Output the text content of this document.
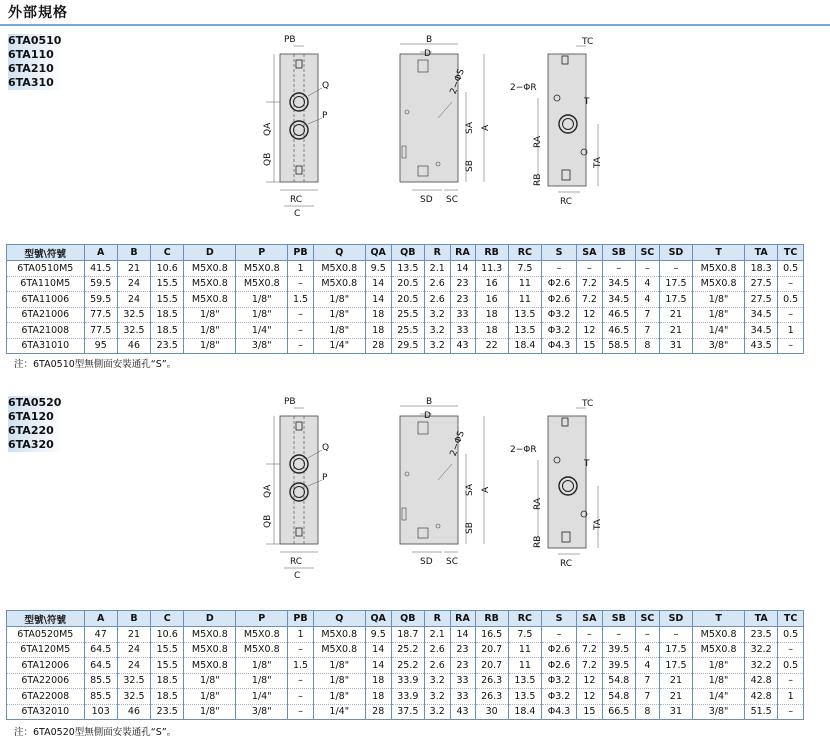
外部規格
6TA0510
6TA110
6TA210
6TA310
PB
Q
P
QA
QB
RC
C
B
D
2−ΦS
SA A
SB
SD SC
TC
2−ΦR
T
RA
TA
RB
RC
型號\符號	A	B	C	D	P	PB	Q	QA	QB	R	RA	RB	RC	S	SA	SB	SC	SD	T	TA	TC
6TA0510M5	41.5	21	10.6	M5X0.8	M5X0.8	1	M5X0.8	9.5	13.5	2.1	14	11.3	7.5	–	–	–	–	–	M5X0.8	18.3	0.5
6TA110M5	59.5	24	15.5	M5X0.8	M5X0.8	–	M5X0.8	14	20.5	2.6	23	16	11	Φ2.6	7.2	34.5	4	17.5	M5X0.8	27.5	–
6TA11006	59.5	24	15.5	M5X0.8	1/8"	1.5	1/8"	14	20.5	2.6	23	16	11	Φ2.6	7.2	34.5	4	17.5	1/8"	27.5	0.5
6TA21006	77.5	32.5	18.5	1/8"	1/8"	–	1/8"	18	25.5	3.2	33	18	13.5	Φ3.2	12	46.5	7	21	1/8"	34.5	–
6TA21008	77.5	32.5	18.5	1/8"	1/4"	–	1/8"	18	25.5	3.2	33	18	13.5	Φ3.2	12	46.5	7	21	1/4"	34.5	1
6TA31010	95	46	23.5	1/8"	3/8"	–	1/4"	28	29.5	3.2	43	22	18.4	Φ4.3	15	58.5	8	31	3/8"	43.5	–
注：6TA0510型無側面安裝通孔“S”。
6TA0520
6TA120
6TA220
6TA320
PB
Q
P
QA
QB
RC
C
B
D
2−ΦS
SA A
SB
SD SC
TC
2−ΦR
T
RA
TA
RB
RC
型號\符號	A	B	C	D	P	PB	Q	QA	QB	R	RA	RB	RC	S	SA	SB	SC	SD	T	TA	TC
6TA0520M5	47	21	10.6	M5X0.8	M5X0.8	1	M5X0.8	9.5	18.7	2.1	14	16.5	7.5	–	–	–	–	–	M5X0.8	23.5	0.5
6TA120M5	64.5	24	15.5	M5X0.8	M5X0.8	–	M5X0.8	14	25.2	2.6	23	20.7	11	Φ2.6	7.2	39.5	4	17.5	M5X0.8	32.2	–
6TA12006	64.5	24	15.5	M5X0.8	1/8"	1.5	1/8"	14	25.2	2.6	23	20.7	11	Φ2.6	7.2	39.5	4	17.5	1/8"	32.2	0.5
6TA22006	85.5	32.5	18.5	1/8"	1/8"	–	1/8"	18	33.9	3.2	33	26.3	13.5	Φ3.2	12	54.8	7	21	1/8"	42.8	–
6TA22008	85.5	32.5	18.5	1/8"	1/4"	–	1/8"	18	33.9	3.2	33	26.3	13.5	Φ3.2	12	54.8	7	21	1/4"	42.8	1
6TA32010	103	46	23.5	1/8"	3/8"	–	1/4"	28	37.5	3.2	43	30	18.4	Φ4.3	15	66.5	8	31	3/8"	51.5	–
注：6TA0520型無側面安裝通孔“S”。
